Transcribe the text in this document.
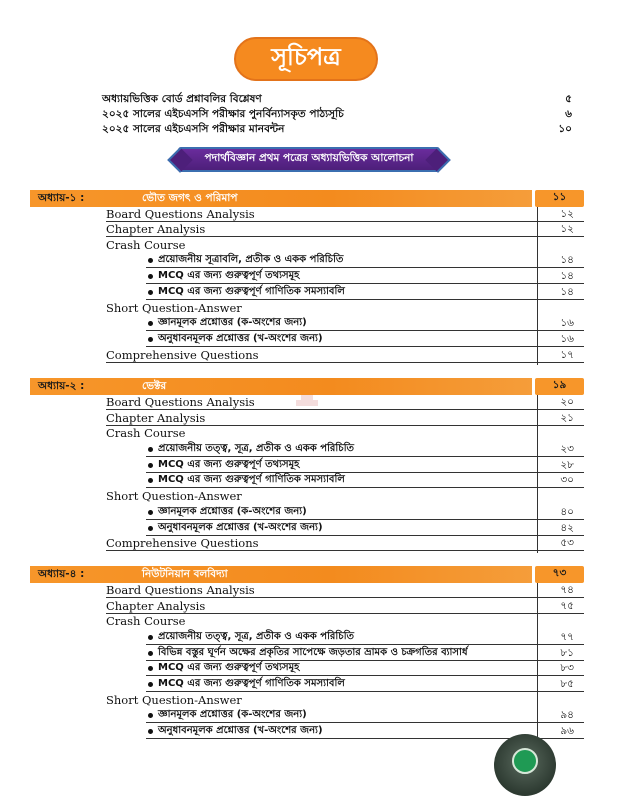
সূচিপত্র
অধ্যায়ভিত্তিক বোর্ড প্রশ্নাবলির বিশ্লেষণ	৫
২০২৫ সালের এইচএসসি পরীক্ষার পুনর্বিন্যাসকৃত পাঠ্যসূচি	৬
২০২৫ সালের এইচএসসি পরীক্ষার মানবন্টন	১০
পদার্থবিজ্ঞান প্রথম পত্রের অধ্যায়ভিত্তিক আলোচনা
অধ্যায়-১ :	ভৌত জগৎ ও পরিমাপ	১১
Board Questions Analysis	১২
Chapter Analysis	১২
Crash Course
প্রয়োজনীয় সূত্রাবলি, প্রতীক ও একক পরিচিতি	১৪
MCQ এর জন্য গুরুত্বপূর্ণ তথ্যসমূহ	১৪
MCQ এর জন্য গুরুত্বপূর্ণ গাণিতিক সমস্যাবলি	১৪
Short Question-Answer
জ্ঞানমূলক প্রশ্নোত্তর (ক-অংশের জন্য)	১৬
অনুধাবনমূলক প্রশ্নোত্তর (খ-অংশের জন্য)	১৬
Comprehensive Questions	১৭
অধ্যায়-২ :	ভেক্টর	১৯
Board Questions Analysis	২০
Chapter Analysis	২১
Crash Course
প্রয়োজনীয় তত্ত্ব, সূত্র, প্রতীক ও একক পরিচিতি	২৩
MCQ এর জন্য গুরুত্বপূর্ণ তথ্যসমূহ	২৮
MCQ এর জন্য গুরুত্বপূর্ণ গাণিতিক সমস্যাবলি	৩০
Short Question-Answer
জ্ঞানমূলক প্রশ্নোত্তর (ক-অংশের জন্য)	৪০
অনুধাবনমূলক প্রশ্নোত্তর (খ-অংশের জন্য)	৪২
Comprehensive Questions	৫৩
অধ্যায়-৪ :	নিউটনিয়ান বলবিদ্যা	৭৩
Board Questions Analysis	৭৪
Chapter Analysis	৭৫
Crash Course
প্রয়োজনীয় তত্ত্ব, সূত্র, প্রতীক ও একক পরিচিতি	৭৭
বিভিন্ন বস্তুর ঘূর্ণন অক্ষের প্রকৃতির সাপেক্ষে জড়তার ভ্রামক ও চক্রগতির ব্যাসার্ধ	৮১
MCQ এর জন্য গুরুত্বপূর্ণ তথ্যসমূহ	৮৩
MCQ এর জন্য গুরুত্বপূর্ণ গাণিতিক সমস্যাবলি	৮৫
Short Question-Answer
জ্ঞানমূলক প্রশ্নোত্তর (ক-অংশের জন্য)	৯৪
অনুধাবনমূলক প্রশ্নোত্তর (খ-অংশের জন্য)	৯৬
